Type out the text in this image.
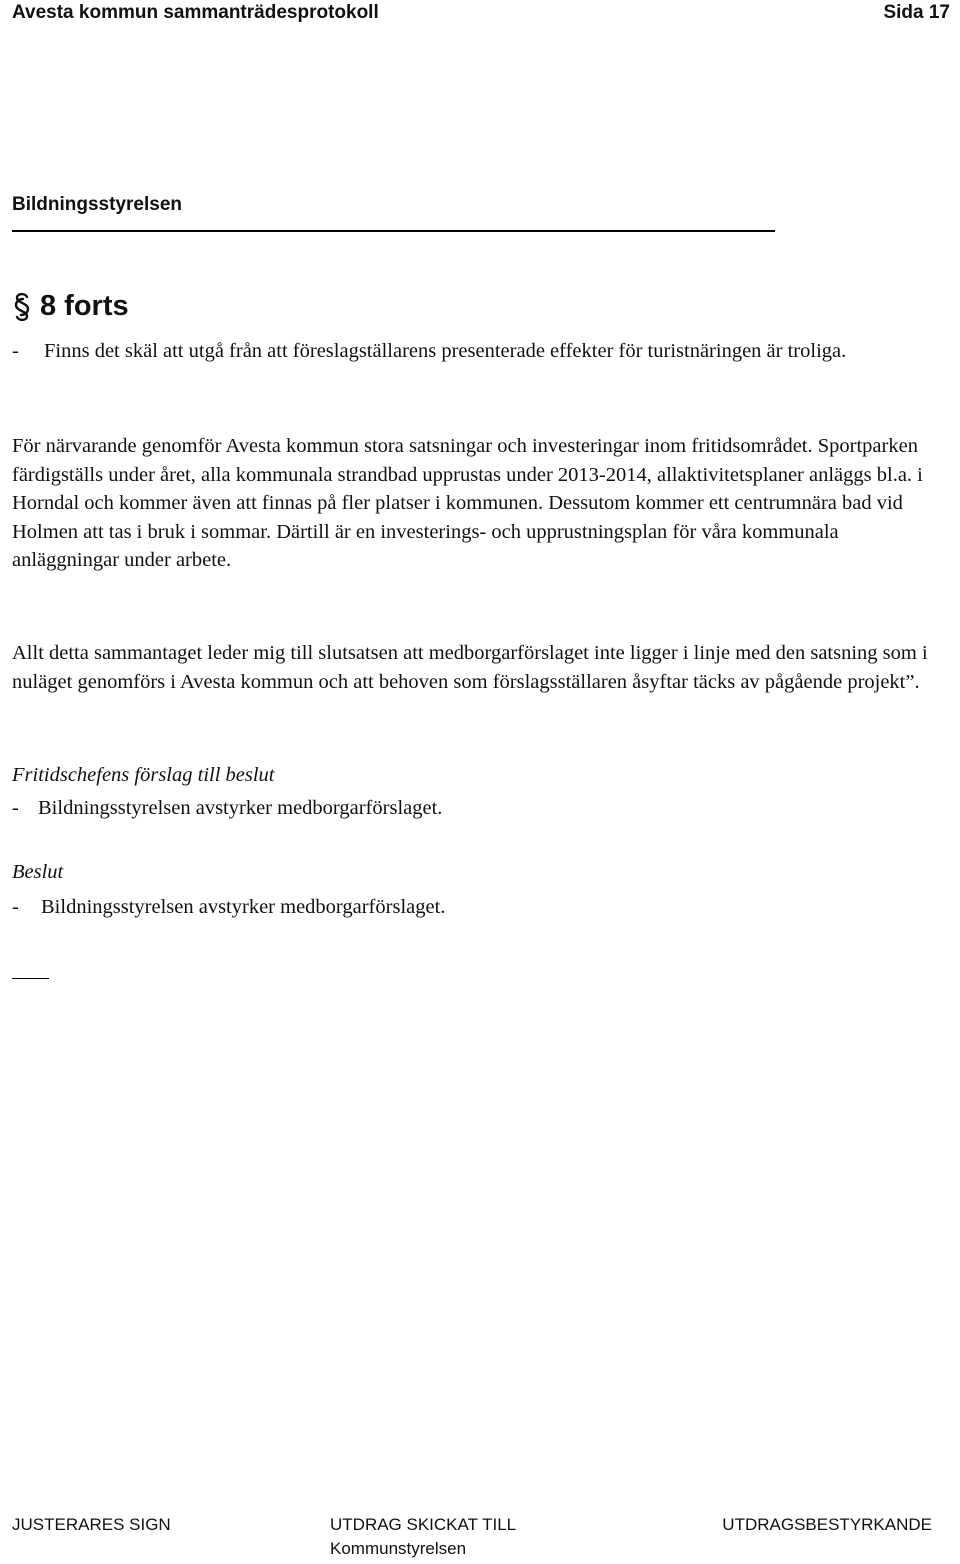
Avesta kommun sammanträdesprotokoll	Sida 17
Bildningsstyrelsen
8 forts
-	Finns det skäl att utgå från att föreslagställarens presenterade effekter för turistnäringen är troliga.

För närvarande genomför Avesta kommun stora satsningar och investeringar inom fritidsområdet. Sportparken färdigställs under året, alla kommunala strandbad upprustas under 2013-2014, allaktivitetsplaner anläggs bl.a. i Horndal och kommer även att finnas på fler platser i kommunen. Dessutom kommer ett centrumnära bad vid Holmen att tas i bruk i sommar. Därtill är en investerings- och upprustningsplan för våra kommunala anläggningar under arbete.

Allt detta sammantaget leder mig till slutsatsen att medborgarförslaget inte ligger i linje med den satsning som i nuläget genomförs i Avesta kommun och att behoven som förslagsställaren åsyftar täcks av pågående projekt”.

Fritidschefens förslag till beslut
- Bildningsstyrelsen avstyrker medborgarförslaget.
Beslut
-	Bildningsstyrelsen avstyrker medborgarförslaget.
JUSTERARES SIGN	UTDRAG SKICKAT TILL
Kommunstyrelsen
UTDRAGSBESTYRKANDE
